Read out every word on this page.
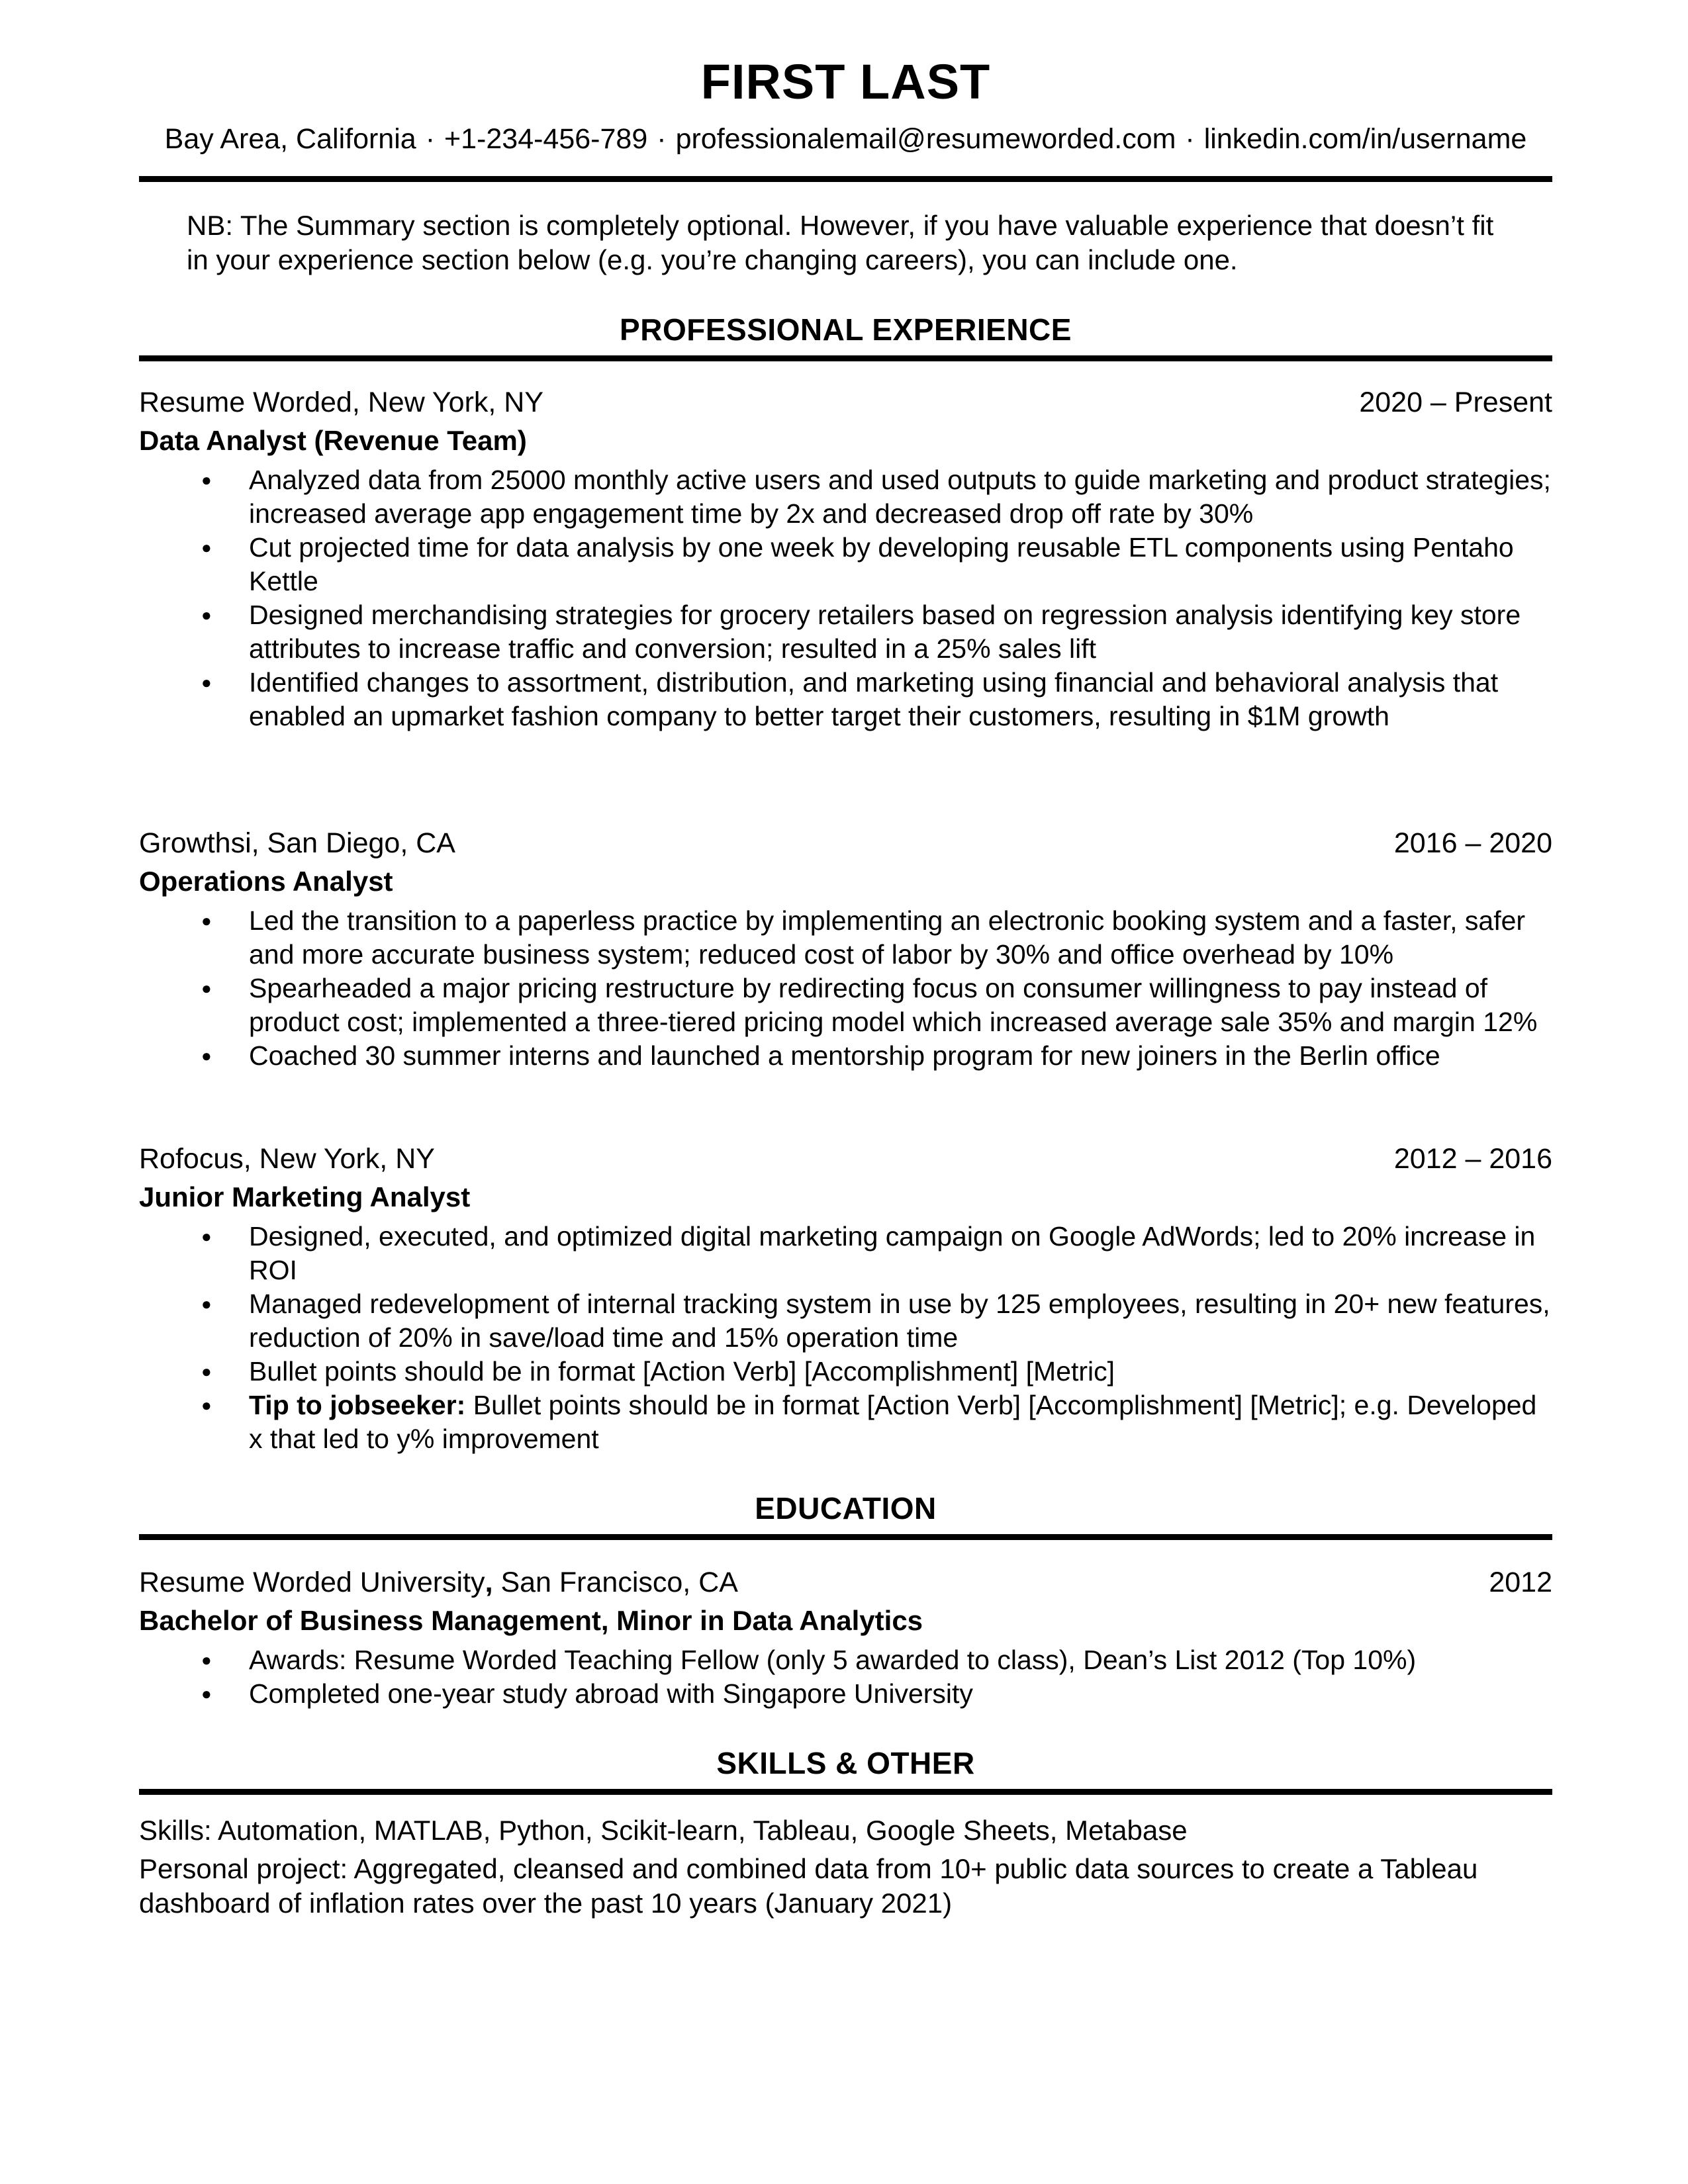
FIRST LAST
Bay Area, California · +1-234-456-789 · professionalemail@resumeworded.com · linkedin.com/in/username

NB: The Summary section is completely optional. However, if you have valuable experience that doesn’t fit in your experience section below (e.g. you’re changing careers), you can include one.

PROFESSIONAL EXPERIENCE
Resume Worded, New York, NY	2020 – Present
Data Analyst (Revenue Team)
● Analyzed data from 25000 monthly active users and used outputs to guide marketing and product strategies; increased average app engagement time by 2x and decreased drop off rate by 30%
● Cut projected time for data analysis by one week by developing reusable ETL components using Pentaho Kettle
● Designed merchandising strategies for grocery retailers based on regression analysis identifying key store attributes to increase traffic and conversion; resulted in a 25% sales lift
● Identified changes to assortment, distribution, and marketing using financial and behavioral analysis that enabled an upmarket fashion company to better target their customers, resulting in $1M growth
Growthsi, San Diego, CA	2016 – 2020
Operations Analyst
● Led the transition to a paperless practice by implementing an electronic booking system and a faster, safer and more accurate business system; reduced cost of labor by 30% and office overhead by 10%
● Spearheaded a major pricing restructure by redirecting focus on consumer willingness to pay instead of product cost; implemented a three-tiered pricing model which increased average sale 35% and margin 12%
● Coached 30 summer interns and launched a mentorship program for new joiners in the Berlin office
Rofocus, New York, NY	2012 – 2016
Junior Marketing Analyst
● Designed, executed, and optimized digital marketing campaign on Google AdWords; led to 20% increase in ROI
● Managed redevelopment of internal tracking system in use by 125 employees, resulting in 20+ new features, reduction of 20% in save/load time and 15% operation time
● Bullet points should be in format [Action Verb] [Accomplishment] [Metric]
● Tip to jobseeker: Bullet points should be in format [Action Verb] [Accomplishment] [Metric]; e.g. Developed x that led to y% improvement
EDUCATION
Resume Worded University, San Francisco, CA	2012
Bachelor of Business Management, Minor in Data Analytics
● Awards: Resume Worded Teaching Fellow (only 5 awarded to class), Dean’s List 2012 (Top 10%)
● Completed one-year study abroad with Singapore University
SKILLS & OTHER

Skills: Automation, MATLAB, Python, Scikit-learn, Tableau, Google Sheets, Metabase

Personal project: Aggregated, cleansed and combined data from 10+ public data sources to create a Tableau dashboard of inflation rates over the past 10 years (January 2021)
